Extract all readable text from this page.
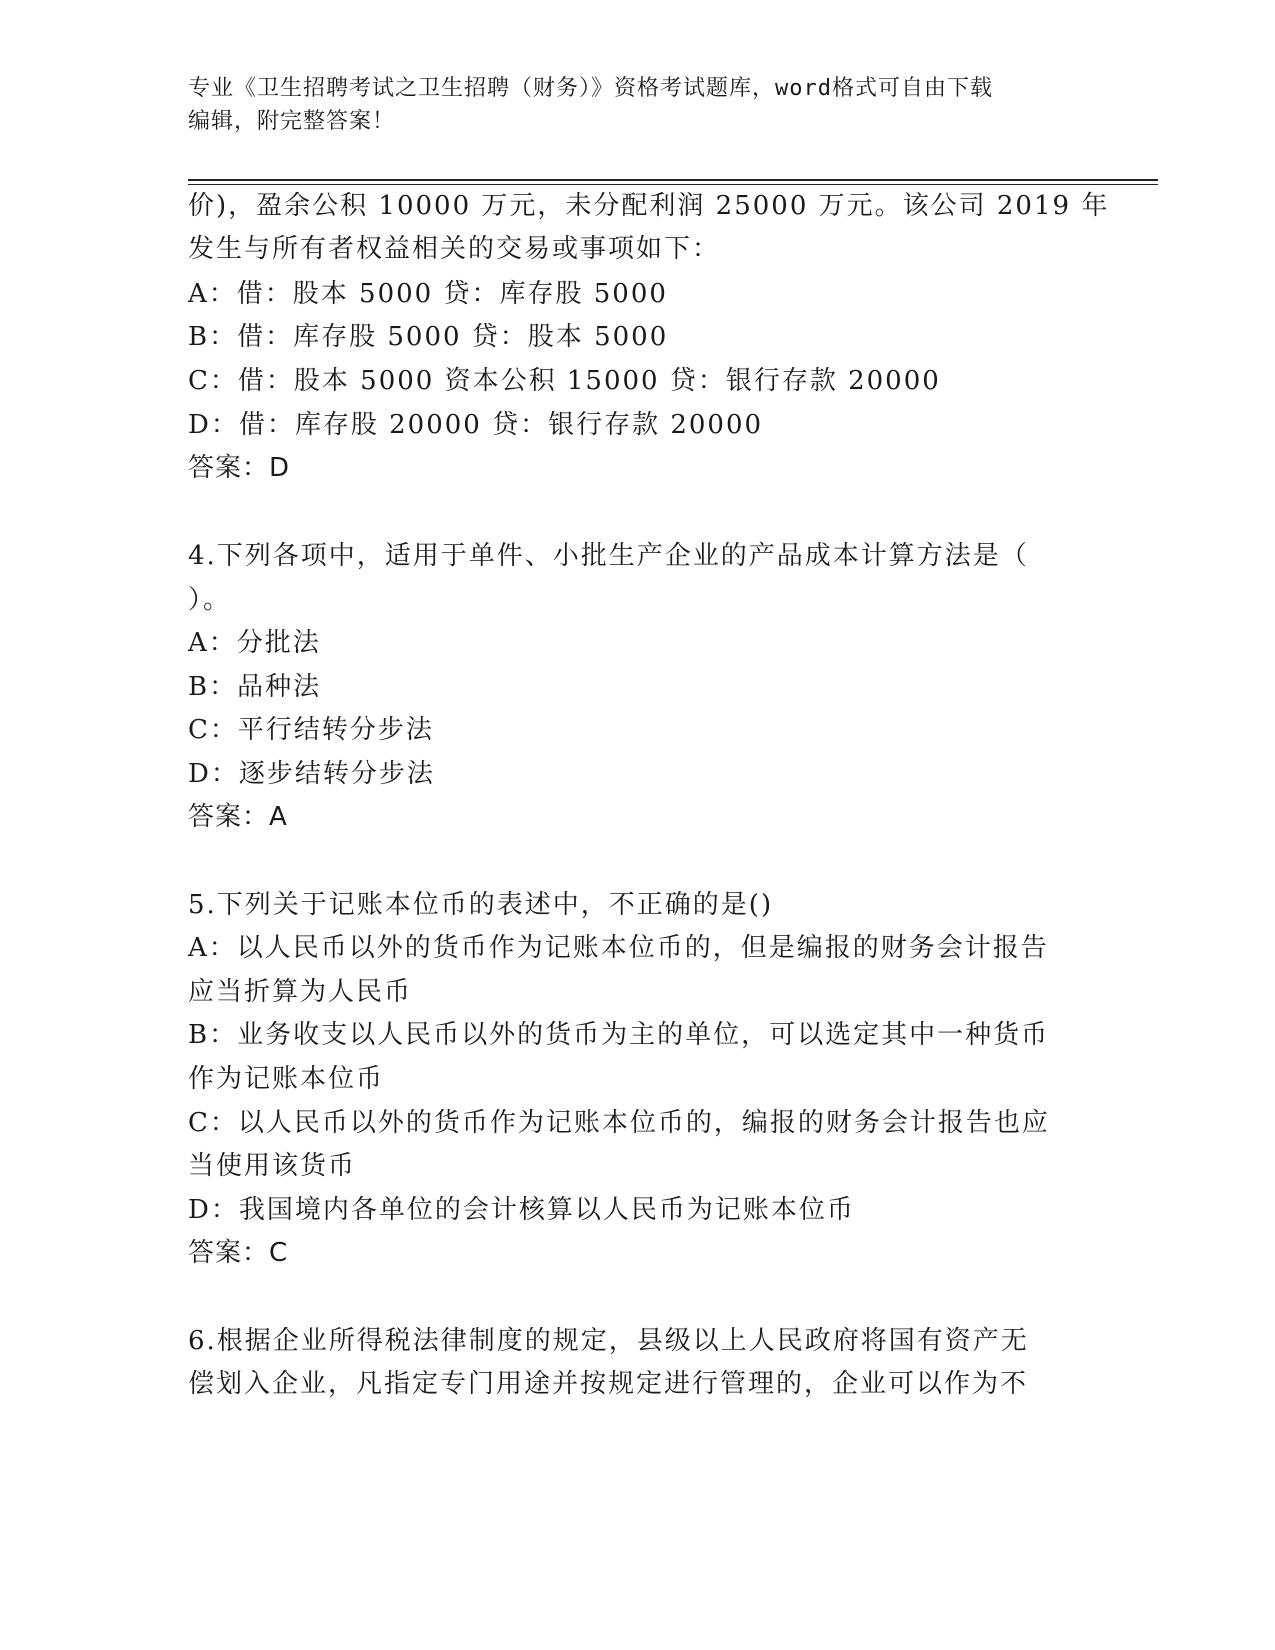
专业《卫生招聘考试之卫生招聘（财务）》资格考试题库，word格式可自由下载
编辑，附完整答案！
价)，盈余公积 10000 万元，未分配利润 25000 万元。该公司 2019 年
发生与所有者权益相关的交易或事项如下：
A：借：股本 5000 贷：库存股 5000
B：借：库存股 5000 贷：股本 5000
C：借：股本 5000 资本公积 15000 贷：银行存款 20000
D：借：库存股 20000 贷：银行存款 20000
答案：D
4.下列各项中，适用于单件、小批生产企业的产品成本计算方法是（
）。
A：分批法
B：品种法
C：平行结转分步法
D：逐步结转分步法
答案：A
5.下列关于记账本位币的表述中，不正确的是()
A：以人民币以外的货币作为记账本位币的，但是编报的财务会计报告
应当折算为人民币
B：业务收支以人民币以外的货币为主的单位，可以选定其中一种货币
作为记账本位币
C：以人民币以外的货币作为记账本位币的，编报的财务会计报告也应
当使用该货币
D：我国境内各单位的会计核算以人民币为记账本位币
答案：C
6.根据企业所得税法律制度的规定，县级以上人民政府将国有资产无
偿划入企业，凡指定专门用途并按规定进行管理的，企业可以作为不
